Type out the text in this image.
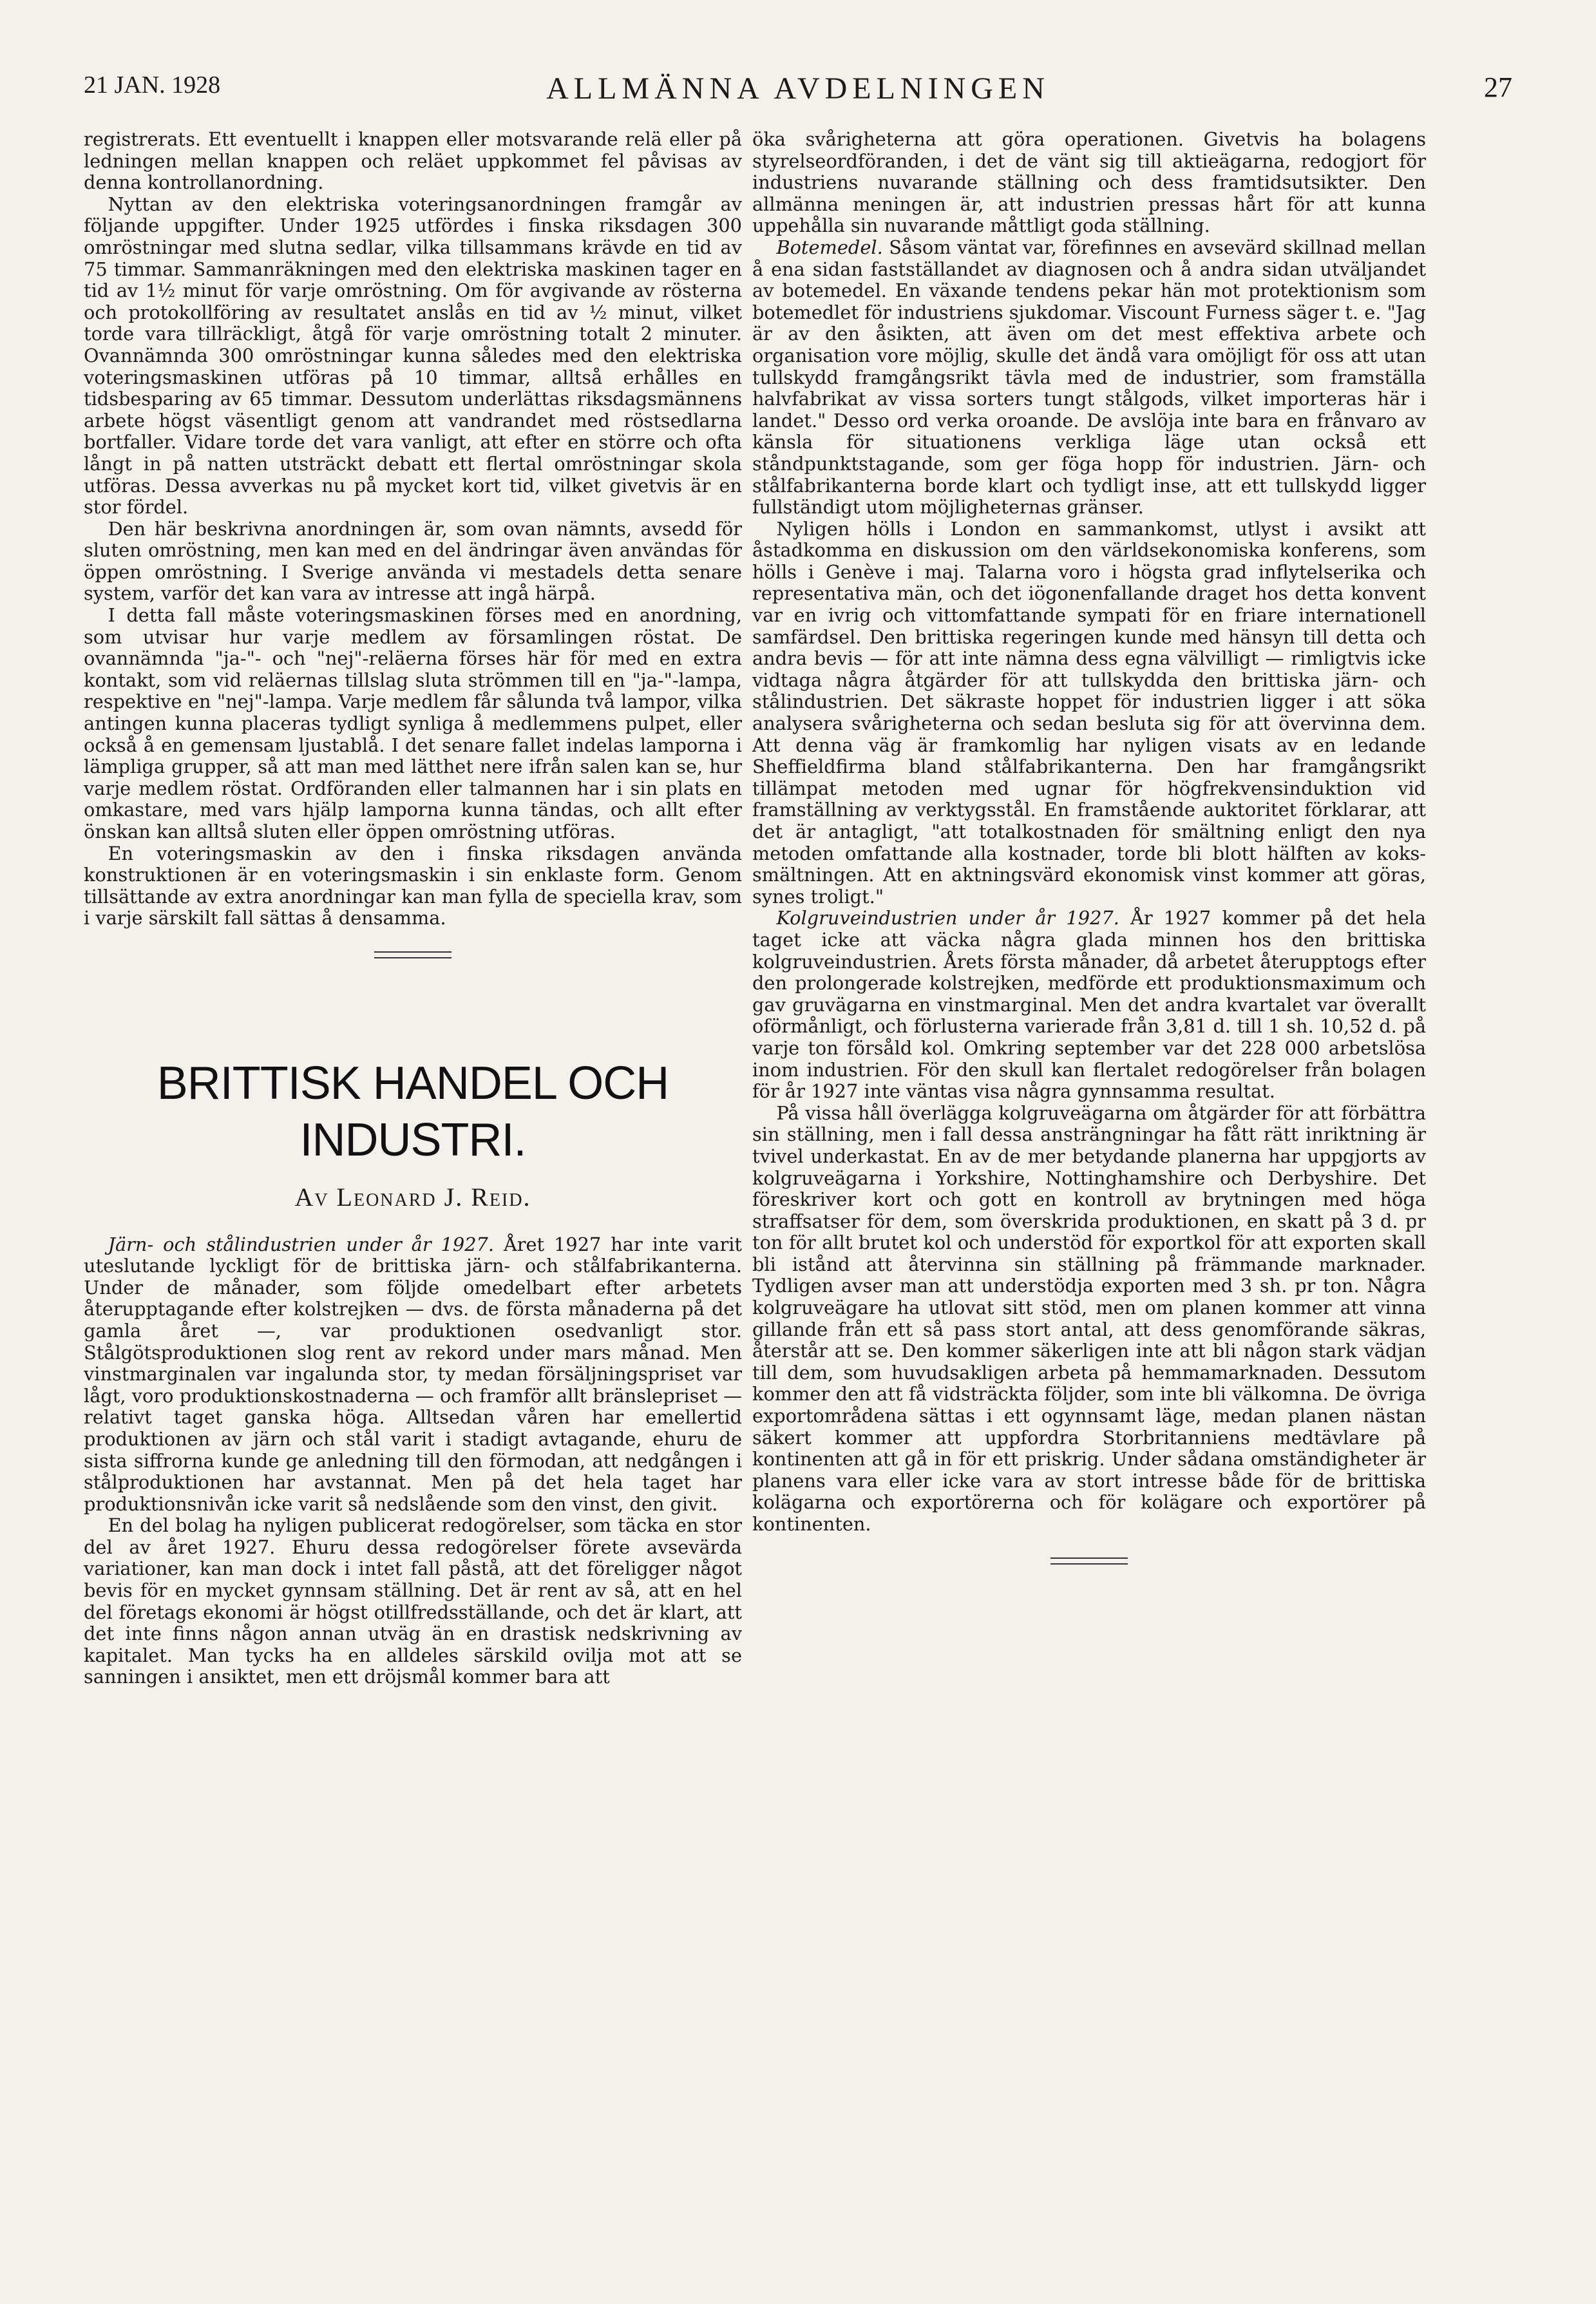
21 JAN. 1928	ALLMÄNNA AVDELNINGEN	27

registrerats. Ett eventuellt i knappen eller motsvarande relä eller på ledningen mellan knappen och reläet uppkommet fel påvisas av denna kontrollanordning.

Nyttan av den elektriska voteringsanordningen framgår av följande uppgifter. Under 1925 utfördes i finska riksdagen 300 omröstningar med slutna sedlar, vilka tillsammans krävde en tid av 75 timmar. Sammanräkningen med den elektriska maskinen tager en tid av 1½ minut för varje omröstning. Om för avgivande av rösterna och protokollföring av resultatet anslås en tid av ½ minut, vilket torde vara tillräckligt, åtgå för varje omröstning totalt 2 minuter. Ovannämnda 300 omröstningar kunna således med den elektriska voteringsmaskinen utföras på 10 timmar, alltså erhålles en tidsbesparing av 65 timmar. Dessutom underlättas riksdagsmännens arbete högst väsentligt genom att vandrandet med röstsedlarna bortfaller. Vidare torde det vara vanligt, att efter en större och ofta långt in på natten utsträckt debatt ett flertal omröstningar skola utföras. Dessa avverkas nu på mycket kort tid, vilket givetvis är en stor fördel.

Den här beskrivna anordningen är, som ovan nämnts, avsedd för sluten omröstning, men kan med en del ändringar även användas för öppen omröstning. I Sverige använda vi mestadels detta senare system, varför det kan vara av intresse att ingå härpå.

I detta fall måste voteringsmaskinen förses med en anordning, som utvisar hur varje medlem av församlingen röstat. De ovannämnda "ja-"- och "nej"-reläerna förses här för med en extra kontakt, som vid reläernas tillslag sluta strömmen till en "ja-"-lampa, respektive en "nej"-lampa. Varje medlem får sålunda två lampor, vilka antingen kunna placeras tydligt synliga å medlemmens pulpet, eller också å en gemensam ljustablå. I det senare fallet indelas lamporna i lämpliga grupper, så att man med lätthet nere ifrån salen kan se, hur varje medlem röstat. Ordföranden eller talmannen har i sin plats en omkastare, med vars hjälp lamporna kunna tändas, och allt efter önskan kan alltså sluten eller öppen omröstning utföras.

En voteringsmaskin av den i finska riksdagen använda konstruktionen är en voteringsmaskin i sin enklaste form. Genom tillsättande av extra anordningar kan man fylla de speciella krav, som i varje särskilt fall sättas å densamma.

BRITTISK HANDEL OCH INDUSTRI.
Av Leonard J. Reid.

Järn- och stålindustrien under år 1927. Året 1927 har inte varit uteslutande lyckligt för de brittiska järn- och stålfabrikanterna. Under de månader, som följde omedelbart efter arbetets återupptagande efter kolstrejken — dvs. de första månaderna på det gamla året —, var produktionen osedvanligt stor. Stålgötsproduktionen slog rent av rekord under mars månad. Men vinstmarginalen var ingalunda stor, ty medan försäljningspriset var lågt, voro produktionskostnaderna — och framför allt bränslepriset — relativt taget ganska höga. Alltsedan våren har emellertid produktionen av järn och stål varit i stadigt avtagande, ehuru de sista siffrorna kunde ge anledning till den förmodan, att nedgången i stålproduktionen har avstannat. Men på det hela taget har produktionsnivån icke varit så nedslående som den vinst, den givit.

En del bolag ha nyligen publicerat redogörelser, som täcka en stor del av året 1927. Ehuru dessa redogörelser förete avsevärda variationer, kan man dock i intet fall påstå, att det föreligger något bevis för en mycket gynnsam ställning. Det är rent av så, att en hel del företags ekonomi är högst otillfredsställande, och det är klart, att det inte finns någon annan utväg än en drastisk nedskrivning av kapitalet. Man tycks ha en alldeles särskild ovilja mot att se sanningen i ansiktet, men ett dröjsmål kommer bara att

öka svårigheterna att göra operationen. Givetvis ha bolagens styrelseordföranden, i det de vänt sig till aktieägarna, redogjort för industriens nuvarande ställning och dess framtidsutsikter. Den allmänna meningen är, att industrien pressas hårt för att kunna uppehålla sin nuvarande måttligt goda ställning.

Botemedel. Såsom väntat var, förefinnes en avsevärd skillnad mellan å ena sidan fastställandet av diagnosen och å andra sidan utväljandet av botemedel. En växande tendens pekar hän mot protektionism som botemedlet för industriens sjukdomar. Viscount Furness säger t. e. "Jag är av den åsikten, att även om det mest effektiva arbete och organisation vore möjlig, skulle det ändå vara omöjligt för oss att utan tullskydd framgångsrikt tävla med de industrier, som framställa halvfabrikat av vissa sorters tungt stålgods, vilket importeras här i landet." Desso ord verka oroande. De avslöja inte bara en frånvaro av känsla för situationens verkliga läge utan också ett ståndpunktstagande, som ger föga hopp för industrien. Järn- och stålfabrikanterna borde klart och tydligt inse, att ett tullskydd ligger fullständigt utom möjligheternas gränser.

Nyligen hölls i London en sammankomst, utlyst i avsikt att åstadkomma en diskussion om den världsekonomiska konferens, som hölls i Genève i maj. Talarna voro i högsta grad inflytelserika och representativa män, och det iögonenfallande draget hos detta konvent var en ivrig och vittomfattande sympati för en friare internationell samfärdsel. Den brittiska regeringen kunde med hänsyn till detta och andra bevis — för att inte nämna dess egna välvilligt — rimligtvis icke vidtaga några åtgärder för att tullskydda den brittiska järn- och stålindustrien. Det säkraste hoppet för industrien ligger i att söka analysera svårigheterna och sedan besluta sig för att övervinna dem. Att denna väg är framkomlig har nyligen visats av en ledande Sheffieldfirma bland stålfabrikanterna. Den har framgångsrikt tillämpat metoden med ugnar för högfrekvensinduktion vid framställning av verktygsstål. En framstående auktoritet förklarar, att det är antagligt, "att totalkostnaden för smältning enligt den nya metoden omfattande alla kostnader, torde bli blott hälften av koks-smältningen. Att en aktningsvärd ekonomisk vinst kommer att göras, synes troligt."

Kolgruveindustrien under år 1927. År 1927 kommer på det hela taget icke att väcka några glada minnen hos den brittiska kolgruveindustrien. Årets första månader, då arbetet återupptogs efter den prolongerade kolstrejken, medförde ett produktionsmaximum och gav gruvägarna en vinstmarginal. Men det andra kvartalet var överallt oförmånligt, och förlusterna varierade från 3,81 d. till 1 sh. 10,52 d. på varje ton försåld kol. Omkring september var det 228 000 arbetslösa inom industrien. För den skull kan flertalet redogörelser från bolagen för år 1927 inte väntas visa några gynnsamma resultat.

På vissa håll överlägga kolgruveägarna om åtgärder för att förbättra sin ställning, men i fall dessa ansträngningar ha fått rätt inriktning är tvivel underkastat. En av de mer betydande planerna har uppgjorts av kolgruveägarna i Yorkshire, Nottinghamshire och Derbyshire. Det föreskriver kort och gott en kontroll av brytningen med höga straffsatser för dem, som överskrida produktionen, en skatt på 3 d. pr ton för allt brutet kol och understöd för exportkol för att exporten skall bli istånd att återvinna sin ställning på främmande marknader. Tydligen avser man att understödja exporten med 3 sh. pr ton. Några kolgruveägare ha utlovat sitt stöd, men om planen kommer att vinna gillande från ett så pass stort antal, att dess genomförande säkras, återstår att se. Den kommer säkerligen inte att bli någon stark vädjan till dem, som huvudsakligen arbeta på hemmamarknaden. Dessutom kommer den att få vidsträckta följder, som inte bli välkomna. De övriga exportområdena sättas i ett ogynnsamt läge, medan planen nästan säkert kommer att uppfordra Storbritanniens medtävlare på kontinenten att gå in för ett priskrig. Under sådana omständigheter är planens vara eller icke vara av stort intresse både för de brittiska kolägarna och exportörerna och för kolägare och exportörer på kontinenten.
